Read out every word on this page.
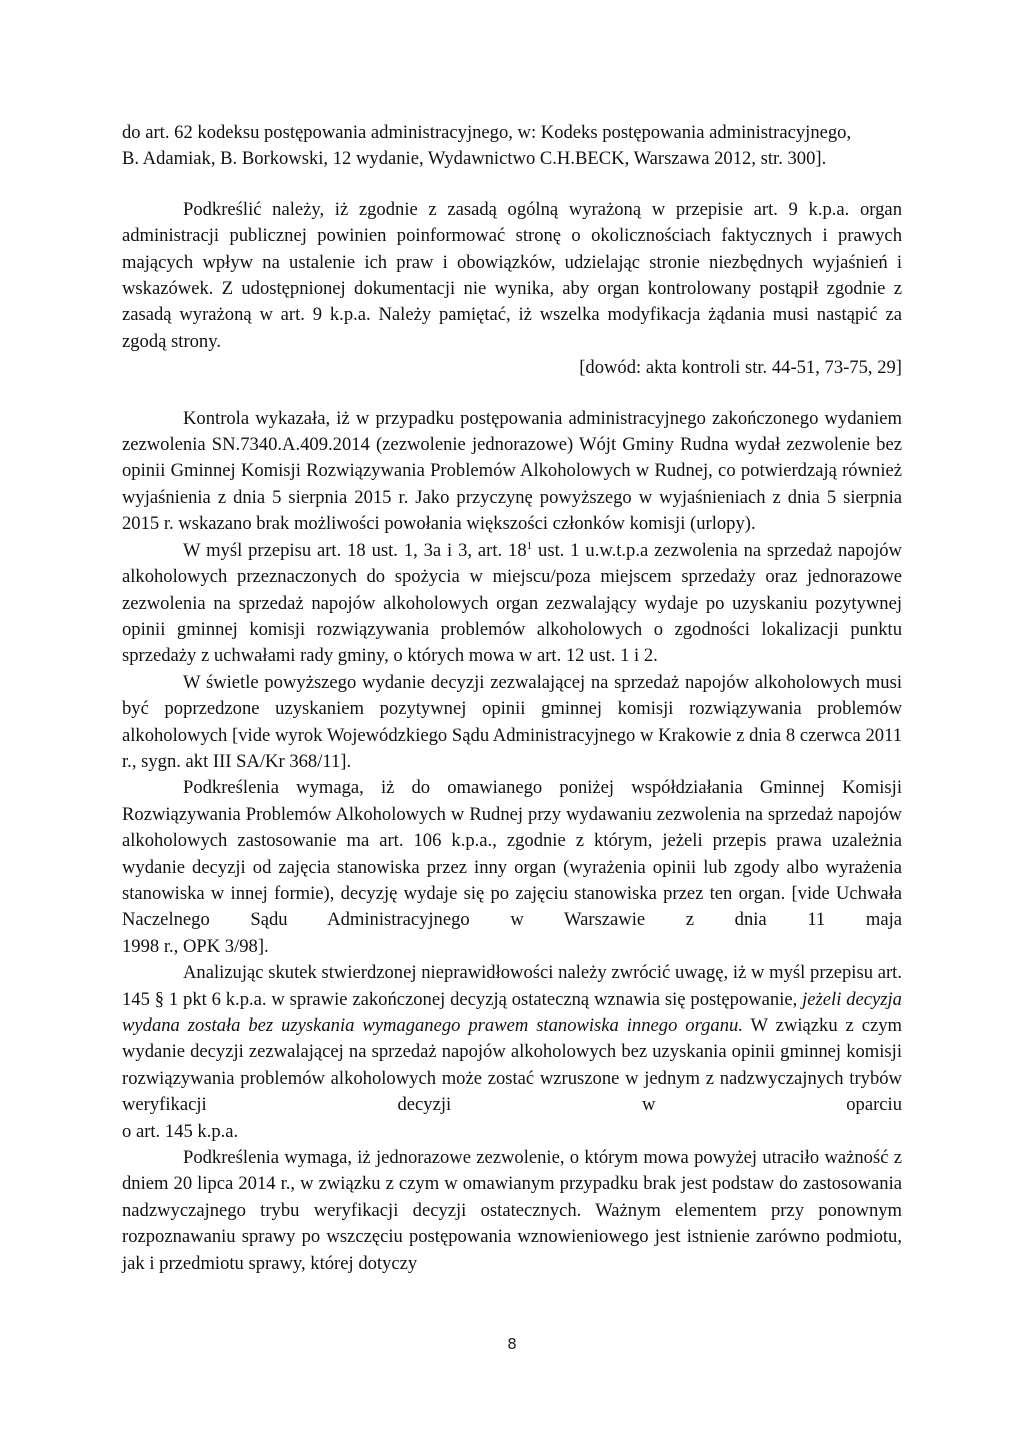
do art. 62 kodeksu postępowania administracyjnego, w: Kodeks postępowania administracyjnego,

B. Adamiak, B. Borkowski, 12 wydanie, Wydawnictwo C.H.BECK, Warszawa 2012, str. 300].

Podkreślić należy, iż zgodnie z zasadą ogólną wyrażoną w przepisie art. 9 k.p.a. organ administracji publicznej powinien poinformować stronę o okolicznościach faktycznych i prawych mających wpływ na ustalenie ich praw i obowiązków, udzielając stronie niezbędnych wyjaśnień i wskazówek. Z udostępnionej dokumentacji nie wynika, aby organ kontrolowany postąpił zgodnie z zasadą wyrażoną w art. 9 k.p.a. Należy pamiętać, iż wszelka modyfikacja żądania musi nastąpić za zgodą strony.

[dowód: akta kontroli str. 44-51, 73-75, 29]

Kontrola wykazała, iż w przypadku postępowania administracyjnego zakończonego wydaniem zezwolenia SN.7340.A.409.2014 (zezwolenie jednorazowe) Wójt Gminy Rudna wydał zezwolenie bez opinii Gminnej Komisji Rozwiązywania Problemów Alkoholowych w Rudnej, co potwierdzają również wyjaśnienia z dnia 5 sierpnia 2015 r. Jako przyczynę powyższego w wyjaśnieniach z dnia 5 sierpnia 2015 r. wskazano brak możliwości powołania większości członków komisji (urlopy).

W myśl przepisu art. 18 ust. 1, 3a i 3, art. $18^1$ ust. 1 u.w.t.p.a zezwolenia na sprzedaż napojów alkoholowych przeznaczonych do spożycia w miejscu/poza miejscem sprzedaży oraz jednorazowe zezwolenia na sprzedaż napojów alkoholowych organ zezwalający wydaje po uzyskaniu pozytywnej opinii gminnej komisji rozwiązywania problemów alkoholowych o zgodności lokalizacji punktu sprzedaży z uchwałami rady gminy, o których mowa w art. 12 ust. 1 i 2.

W świetle powyższego wydanie decyzji zezwalającej na sprzedaż napojów alkoholowych musi być poprzedzone uzyskaniem pozytywnej opinii gminnej komisji rozwiązywania problemów alkoholowych [vide wyrok Wojewódzkiego Sądu Administracyjnego w Krakowie z dnia 8 czerwca 2011 r., sygn. akt III SA/Kr 368/11].

Podkreślenia wymaga, iż do omawianego poniżej współdziałania Gminnej Komisji Rozwiązywania Problemów Alkoholowych w Rudnej przy wydawaniu zezwolenia na sprzedaż napojów alkoholowych zastosowanie ma art. 106 k.p.a., zgodnie z którym, jeżeli przepis prawa uzależnia wydanie decyzji od zajęcia stanowiska przez inny organ (wyrażenia opinii lub zgody albo wyrażenia stanowiska w innej formie), decyzję wydaje się po zajęciu stanowiska przez ten organ. [vide Uchwała Naczelnego Sądu Administracyjnego w Warszawie z dnia 11 maja

1998 r., OPK 3/98].

Analizując skutek stwierdzonej nieprawidłowości należy zwrócić uwagę, iż w myśl przepisu art. 145 § 1 pkt 6 k.p.a. w sprawie zakończonej decyzją ostateczną wznawia się postępowanie, jeżeli decyzja wydana została bez uzyskania wymaganego prawem stanowiska innego organu. W związku z czym wydanie decyzji zezwalającej na sprzedaż napojów alkoholowych bez uzyskania opinii gminnej komisji rozwiązywania problemów alkoholowych może zostać wzruszone w jednym z nadzwyczajnych trybów weryfikacji decyzji w oparciu

o art. 145 k.p.a.

Podkreślenia wymaga, iż jednorazowe zezwolenie, o którym mowa powyżej utraciło ważność z dniem 20 lipca 2014 r., w związku z czym w omawianym przypadku brak jest podstaw do zastosowania nadzwyczajnego trybu weryfikacji decyzji ostatecznych. Ważnym elementem przy ponownym rozpoznawaniu sprawy po wszczęciu postępowania wznowieniowego jest istnienie zarówno podmiotu, jak i przedmiotu sprawy, której dotyczy

8
